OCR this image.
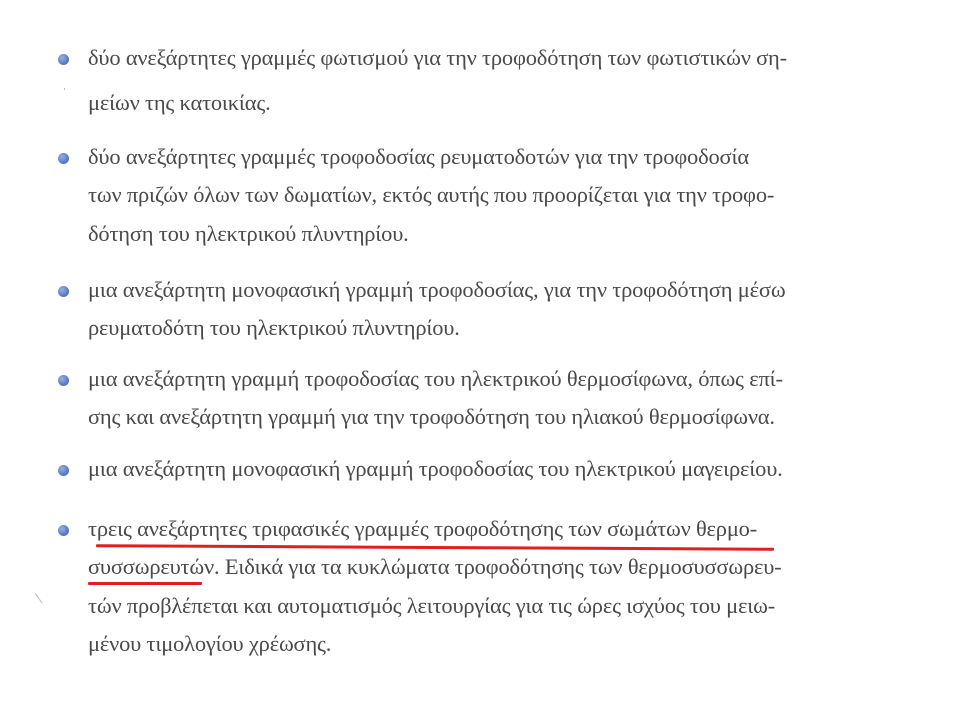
δύο ανεξάρτητες γραμμές φωτισμού για την τροφοδότηση των φωτιστικών ση-
μείων της κατοικίας.
δύο ανεξάρτητες γραμμές τροφοδοσίας ρευματοδοτών για την τροφοδοσία
των πριζών όλων των δωματίων, εκτός αυτής που προορίζεται για την τροφο-
δότηση του ηλεκτρικού πλυντηρίου.
μια ανεξάρτητη μονοφασική γραμμή τροφοδοσίας, για την τροφοδότηση μέσω
ρευματοδότη του ηλεκτρικού πλυντηρίου.
μια ανεξάρτητη γραμμή τροφοδοσίας του ηλεκτρικού θερμοσίφωνα, όπως επί-
σης και ανεξάρτητη γραμμή για την τροφοδότηση του ηλιακού θερμοσίφωνα.
μια ανεξάρτητη μονοφασική γραμμή τροφοδοσίας του ηλεκτρικού μαγειρείου.
τρεις ανεξάρτητες τριφασικές γραμμές τροφοδότησης των σωμάτων θερμο-
συσσωρευτών. Ειδικά για τα κυκλώματα τροφοδότησης των θερμοσυσσωρευ-
τών προβλέπεται και αυτοματισμός λειτουργίας για τις ώρες ισχύος του μειω-
μένου τιμολογίου χρέωσης.
